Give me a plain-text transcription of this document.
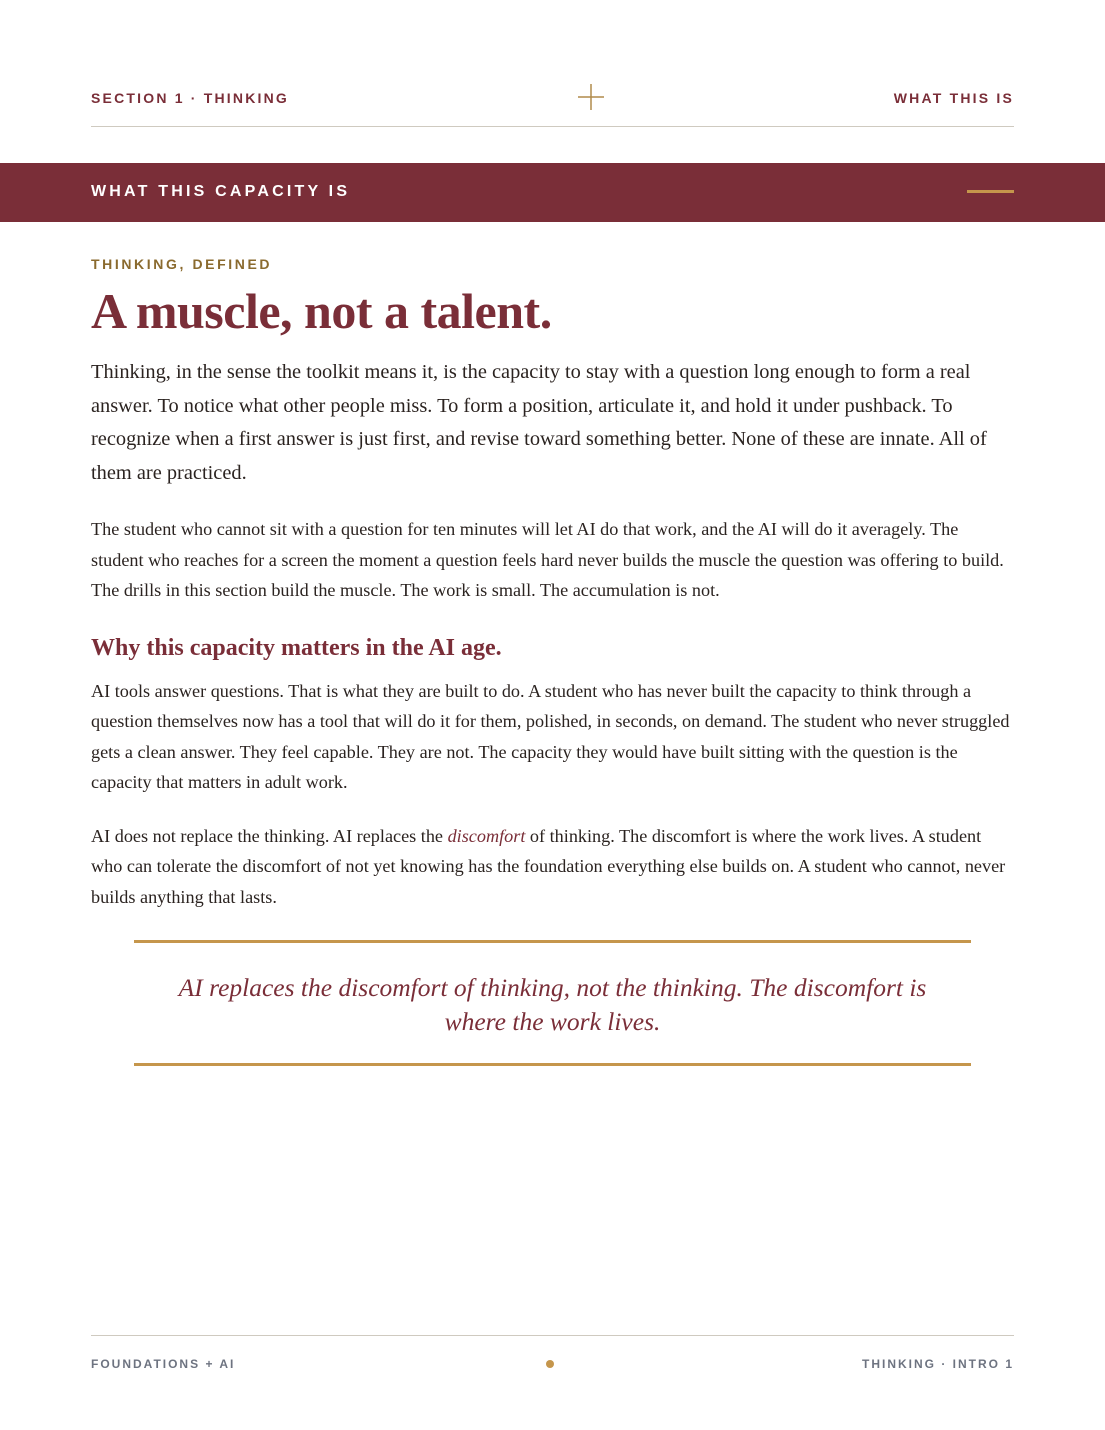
SECTION 1 · THINKING	WHAT THIS IS
WHAT THIS CAPACITY IS

THINKING, DEFINED

A muscle, not a talent.

Thinking, in the sense the toolkit means it, is the capacity to stay with a question long enough to form a real answer. To notice what other people miss. To form a position, articulate it, and hold it under pushback. To recognize when a first answer is just first, and revise toward something better. None of these are innate. All of them are practiced.

The student who cannot sit with a question for ten minutes will let AI do that work, and the AI will do it averagely. The student who reaches for a screen the moment a question feels hard never builds the muscle the question was offering to build. The drills in this section build the muscle. The work is small. The accumulation is not.

Why this capacity matters in the AI age.

AI tools answer questions. That is what they are built to do. A student who has never built the capacity to think through a question themselves now has a tool that will do it for them, polished, in seconds, on demand. The student who never struggled gets a clean answer. They feel capable. They are not. The capacity they would have built sitting with the question is the capacity that matters in adult work.

AI does not replace the thinking. AI replaces the discomfort of thinking. The discomfort is where the work lives. A student who can tolerate the discomfort of not yet knowing has the foundation everything else builds on. A student who cannot, never builds anything that lasts.

AI replaces the discomfort of thinking, not the thinking. The discomfort is where the work lives.
FOUNDATIONS + AI	THINKING · INTRO 1
